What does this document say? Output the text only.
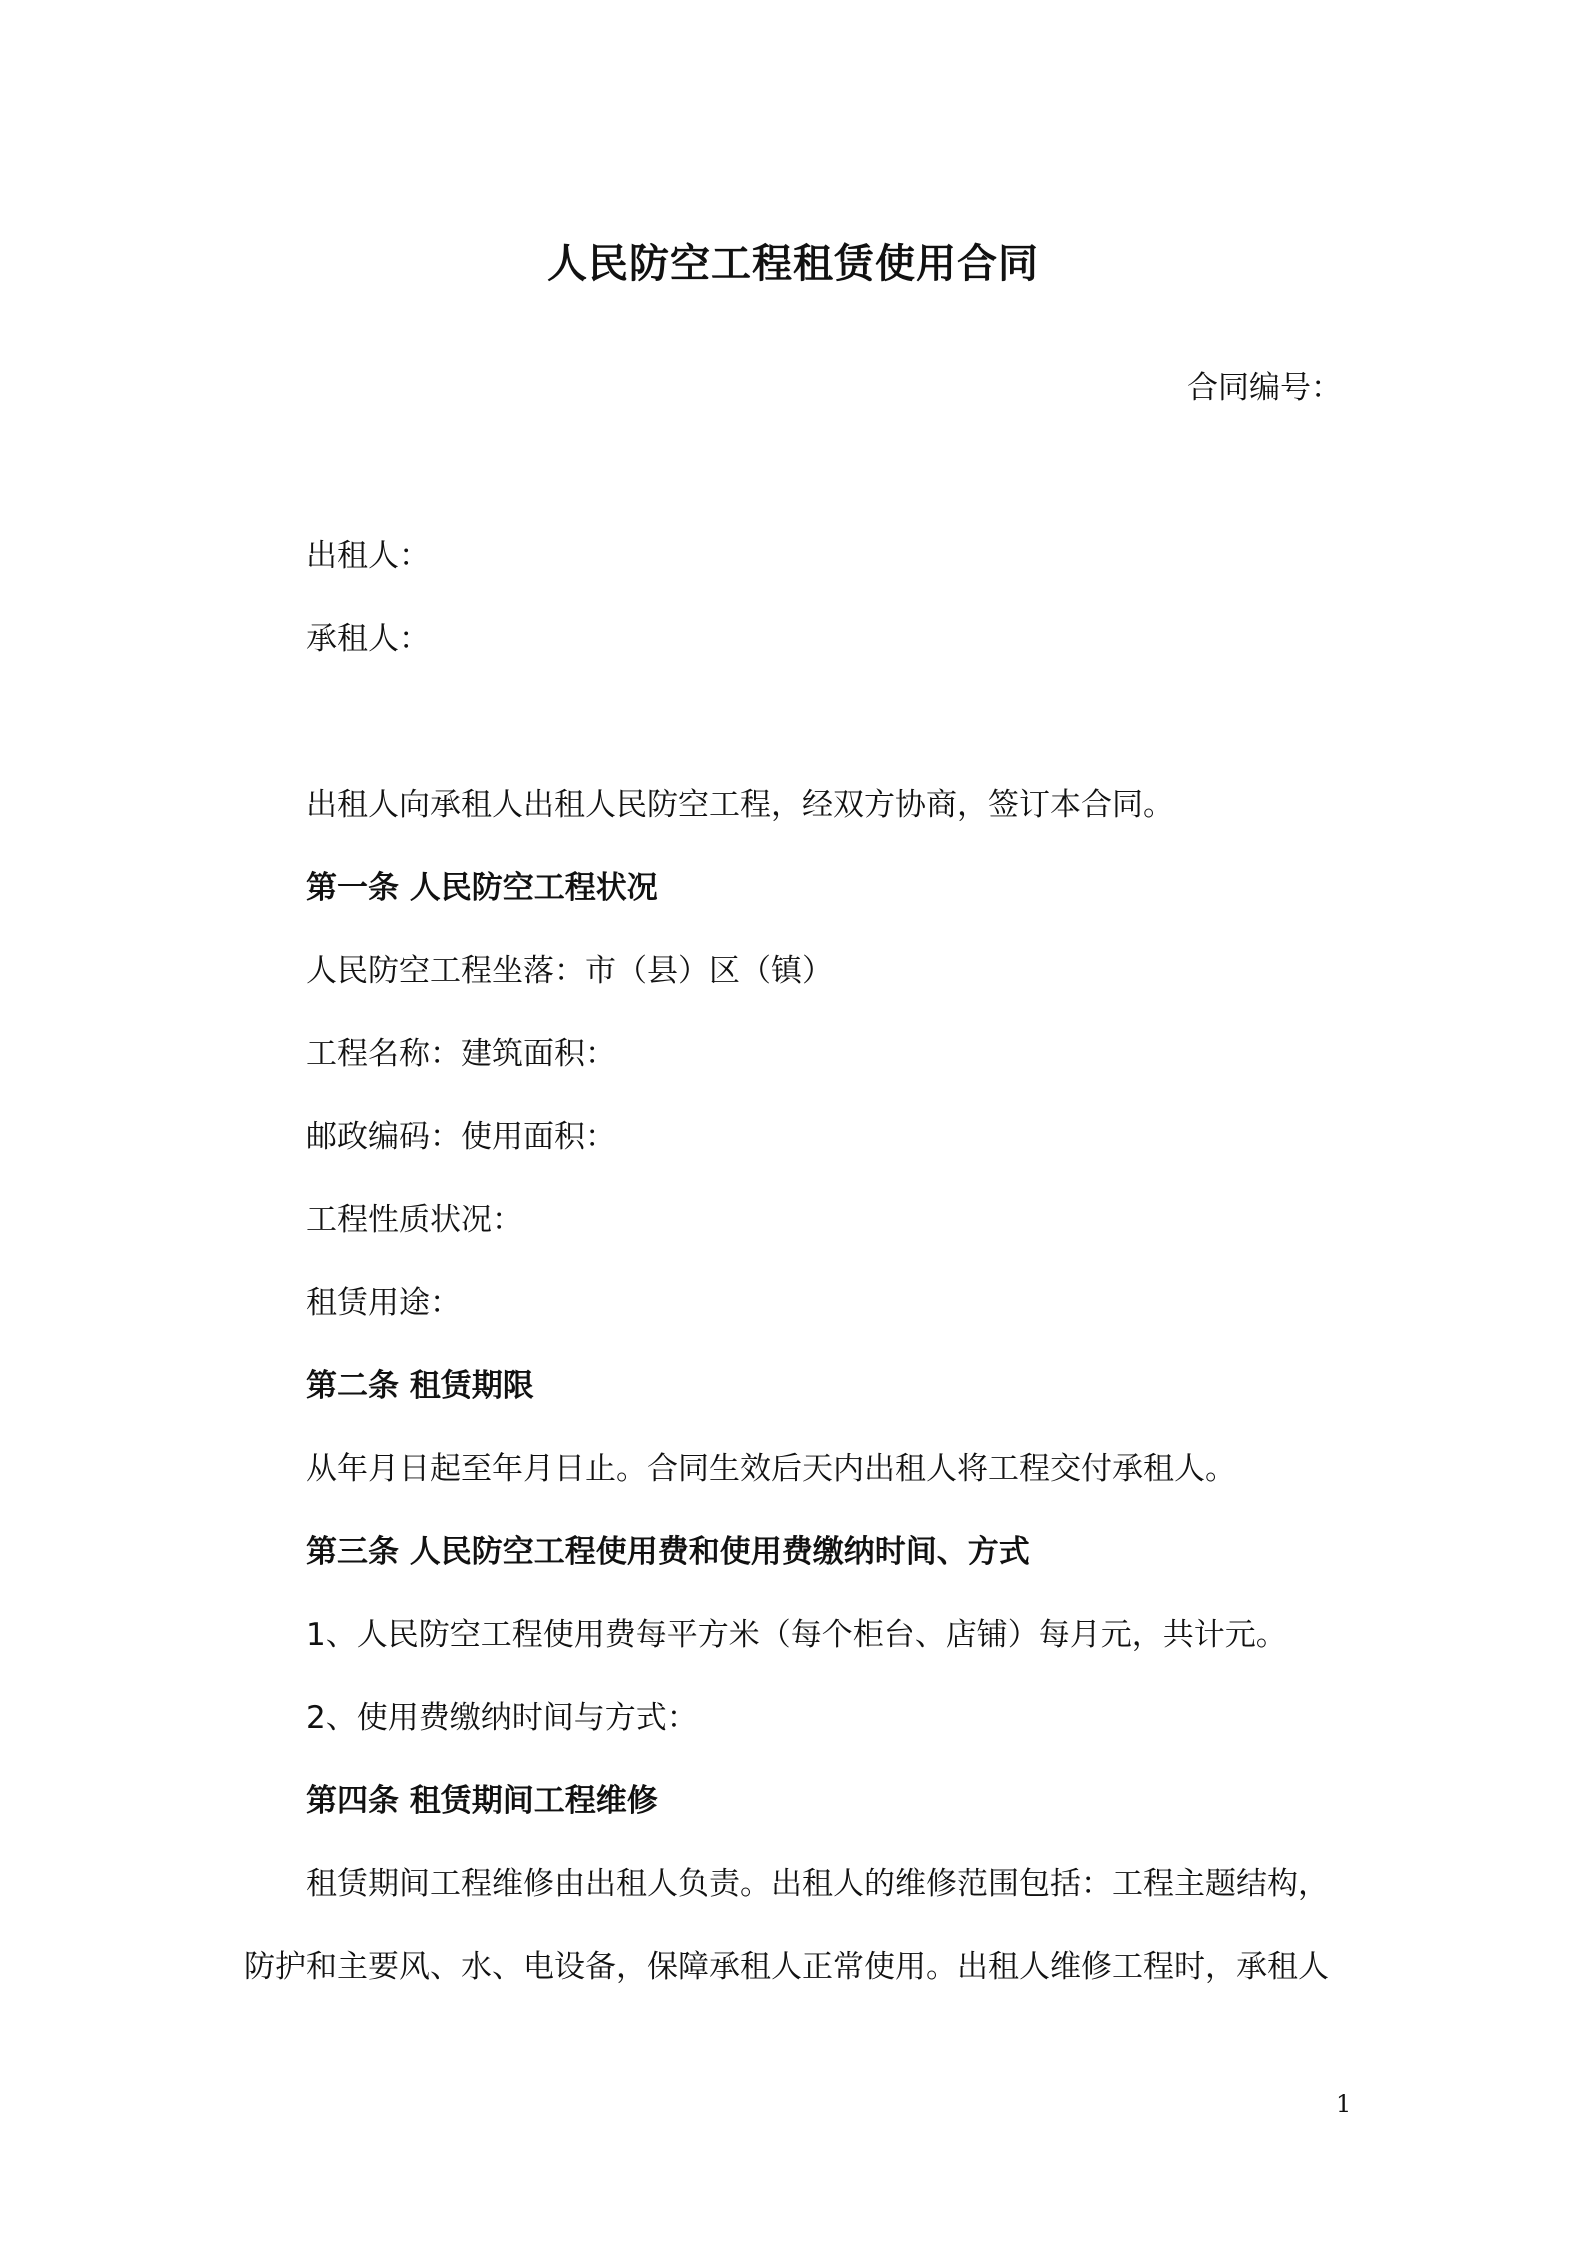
人民防空工程租赁使用合同
合同编号：
出租人：
承租人：
出租人向承租人出租人民防空工程，经双方协商，签订本合同。
第一条 人民防空工程状况
人民防空工程坐落：市（县）区（镇）
工程名称：建筑面积：
邮政编码：使用面积：
工程性质状况：
租赁用途：
第二条 租赁期限
从年月日起至年月日止。合同生效后天内出租人将工程交付承租人。
第三条 人民防空工程使用费和使用费缴纳时间、方式
1、人民防空工程使用费每平方米（每个柜台、店铺）每月元，共计元。
2、使用费缴纳时间与方式：
第四条 租赁期间工程维修
租赁期间工程维修由出租人负责。出租人的维修范围包括：工程主题结构，
防护和主要风、水、电设备，保障承租人正常使用。出租人维修工程时，承租人
1
